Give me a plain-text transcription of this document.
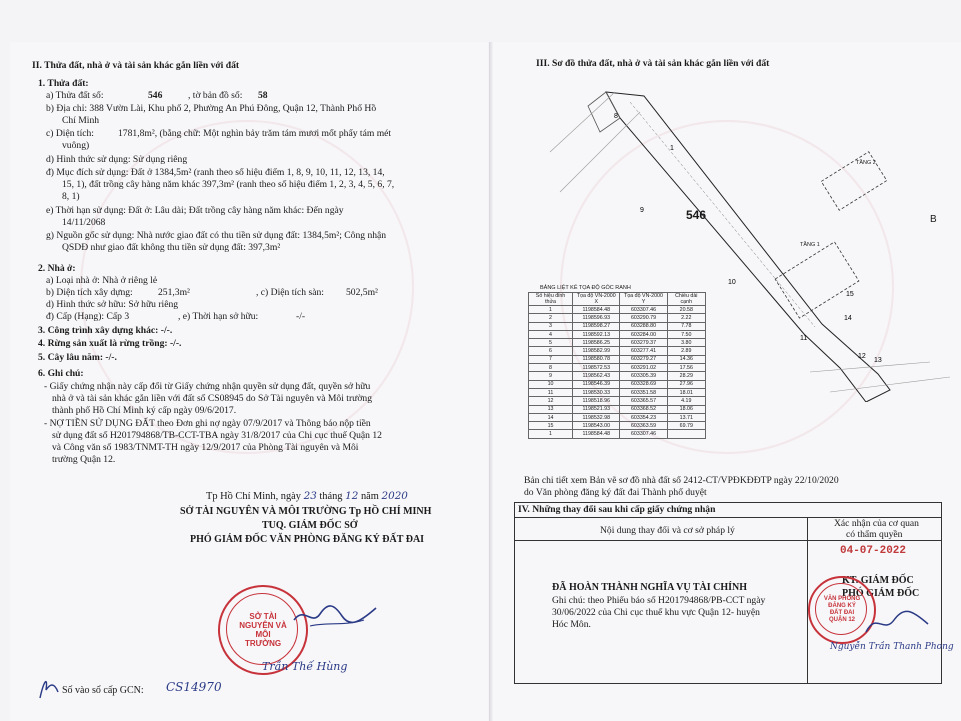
II. Thửa đất, nhà ở và tài sản khác gắn liền với đất
1. Thửa đất:
a) Thửa đất số:	546	, tờ bản đồ số: 58
b) Địa chỉ: 388 Vườn Lài, Khu phố 2, Phường An Phú Đông, Quận 12, Thành Phố Hồ
Chí Minh
c) Diện tích:	1781,8m², (bằng chữ: Một nghìn bảy trăm tám mươi mốt phẩy tám mét
vuông)
d) Hình thức sử dụng: Sử dụng riêng
đ) Mục đích sử dụng: Đất ở 1384,5m² (ranh theo số hiệu điểm 1, 8, 9, 10, 11, 12, 13, 14,
15, 1), đất trồng cây hàng năm khác 397,3m² (ranh theo số hiệu điểm 1, 2, 3, 4, 5, 6, 7,
8, 1)
e) Thời hạn sử dụng: Đất ở: Lâu dài; Đất trồng cây hàng năm khác: Đến ngày
14/11/2068
g) Nguồn gốc sử dụng: Nhà nước giao đất có thu tiền sử dụng đất: 1384,5m²; Công nhận
QSDĐ như giao đất không thu tiền sử dụng đất: 397,3m²
2. Nhà ở:
a) Loại nhà ở: Nhà ở riêng lẻ
b) Diện tích xây dựng:	251,3m²	, c) Diện tích sàn: 502,5m²
d) Hình thức sở hữu: Sở hữu riêng
đ) Cấp (Hạng): Cấp 3	, e) Thời hạn sở hữu:	-/-
3. Công trình xây dựng khác: -/-.
4. Rừng sản xuất là rừng trồng: -/-.
5. Cây lâu năm: -/-.
6. Ghi chú:
- Giấy chứng nhận này cấp đổi từ Giấy chứng nhận quyền sử dụng đất, quyền sở hữu
nhà ở và tài sản khác gắn liền với đất số CS08945 do Sở Tài nguyên và Môi trường
thành phố Hồ Chí Minh ký cấp ngày 09/6/2017.
- NỢ TIỀN SỬ DỤNG ĐẤT theo Đơn ghi nợ ngày 07/9/2017 và Thông báo nộp tiền
sử dụng đất số H201794868/TB-CCT-TBA ngày 31/8/2017 của Chi cục thuế Quận 12
và Công văn số 1983/TNMT-TH ngày 12/9/2017 của Phòng Tài nguyên và Môi
trường Quận 12.
Tp Hồ Chí Minh, ngày 23 tháng 12 năm 2020
SỞ TÀI NGUYÊN VÀ MÔI TRƯỜNG Tp HỒ CHÍ MINH
TUQ. GIÁM ĐỐC SỞ
PHÓ GIÁM ĐỐC VĂN PHÒNG ĐĂNG KÝ ĐẤT ĐAI
SỞ TÀI NGUYÊN VÀ MÔI TRƯỜNG
Trần Thế Hùng
Số vào sổ cấp GCN: CS14970
III. Sơ đồ thửa đất, nhà ở và tài sản khác gắn liền với đất
1
9
10
11
14
15
12
13
8
546
TẦNG 1
TẦNG 2
B
BẢNG LIỆT KÊ TỌA ĐỘ GÓC RANH
Số hiệu đỉnh thửa	Tọa độ VN-2000 X	Tọa độ VN-2000 Y	Chiều dài cạnh
1	1198584.48	603307.46	20.58
2	1198596.93	603290.79	2.22
3	1198598.27	603288.80	7.78
4	1198592.13	603284.00	7.50
5	1198586.25	603279.37	3.80
6	1198582.99	603277.41	2.89
7	1198580.78	603279.27	14.36
8	1198572.53	603291.02	17.56
9	1198562.43	603305.39	28.29
10	1198546.39	603328.69	27.96
11	1198530.33	603351.58	18.01
12	1198518.96	603365.57	4.19
13	1198521.93	603368.52	18.06
14	1198532.98	603354.23	13.71
15	1198543.00	603363.59	69.79
1	1198584.48	603307.46	
Bản chi tiết xem Bản vẽ sơ đồ nhà đất số 2412-CT/VPĐKĐĐTP ngày 22/10/2020
do Văn phòng đăng ký đất đai Thành phố duyệt
IV. Những thay đổi sau khi cấp giấy chứng nhận
Nội dung thay đổi và cơ sở pháp lý
Xác nhận của cơ quan
có thẩm quyền
04-07-2022
ĐÃ HOÀN THÀNH NGHĨA VỤ TÀI CHÍNH
Ghi chú: theo Phiếu báo số H201794868/PB-CCT ngày
30/06/2022 của Chi cục thuế khu vực Quận 12- huyện
Hóc Môn.
KT. GIÁM ĐỐC
PHÓ GIÁM ĐỐC
VĂN PHÒNG ĐĂNG KÝ ĐẤT ĐAI QUẬN 12
Nguyễn Trần Thanh Phong
